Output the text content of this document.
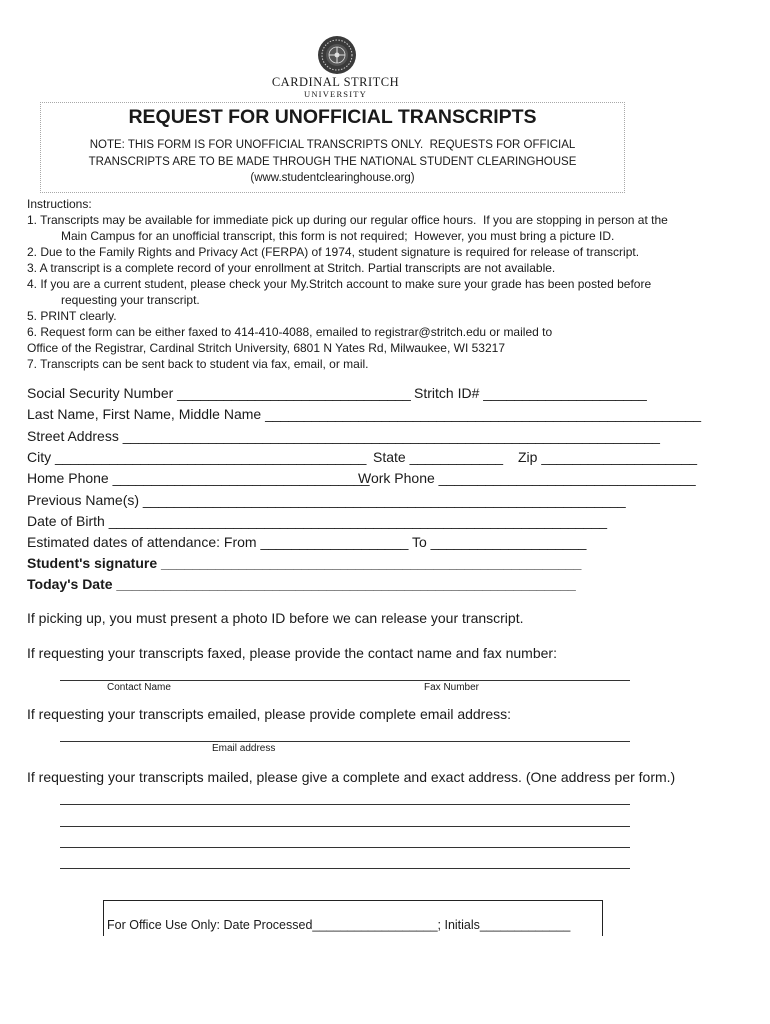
CARDINAL STRITCH
UNIVERSITY
REQUEST FOR UNOFFICIAL TRANSCRIPTS
NOTE: THIS FORM IS FOR UNOFFICIAL TRANSCRIPTS ONLY.  REQUESTS FOR OFFICIAL
TRANSCRIPTS ARE TO BE MADE THROUGH THE NATIONAL STUDENT CLEARINGHOUSE
(www.studentclearinghouse.org)
Instructions:
1. Transcripts may be available for immediate pick up during our regular office hours.  If you are stopping in person at the
Main Campus for an unofficial transcript, this form is not required;  However, you must bring a picture ID.
2. Due to the Family Rights and Privacy Act (FERPA) of 1974, student signature is required for release of transcript.
3. A transcript is a complete record of your enrollment at Stritch. Partial transcripts are not available.
4. If you are a current student, please check your My.Stritch account to make sure your grade has been posted before
requesting your transcript.
5. PRINT clearly.
6. Request form can be either faxed to 414-410-4088, emailed to registrar@stritch.edu or mailed to
Office of the Registrar, Cardinal Stritch University, 6801 N Yates Rd, Milwaukee, WI 53217
7. Transcripts can be sent back to student via fax, email, or mail.
Social Security Number ______________________________ Stritch ID# _____________________
Last Name, First Name, Middle Name ________________________________________________________
Street Address _____________________________________________________________________
City ________________________________________ State ____________ Zip ____________________
Home Phone _________________________________
Work Phone _________________________________
Previous Name(s) ______________________________________________________________
Date of Birth ________________________________________________________________
Estimated dates of attendance: From ___________________ To ____________________
Student's signature ______________________________________________________
Today's Date ___________________________________________________________
If picking up, you must present a photo ID before we can release your transcript.
If requesting your transcripts faxed, please provide the contact name and fax number:
Contact Name	Fax Number
If requesting your transcripts emailed, please provide complete email address:
Email address
If requesting your transcripts mailed, please give a complete and exact address. (One address per form.)
For Office Use Only: Date Processed__________________; Initials_____________
